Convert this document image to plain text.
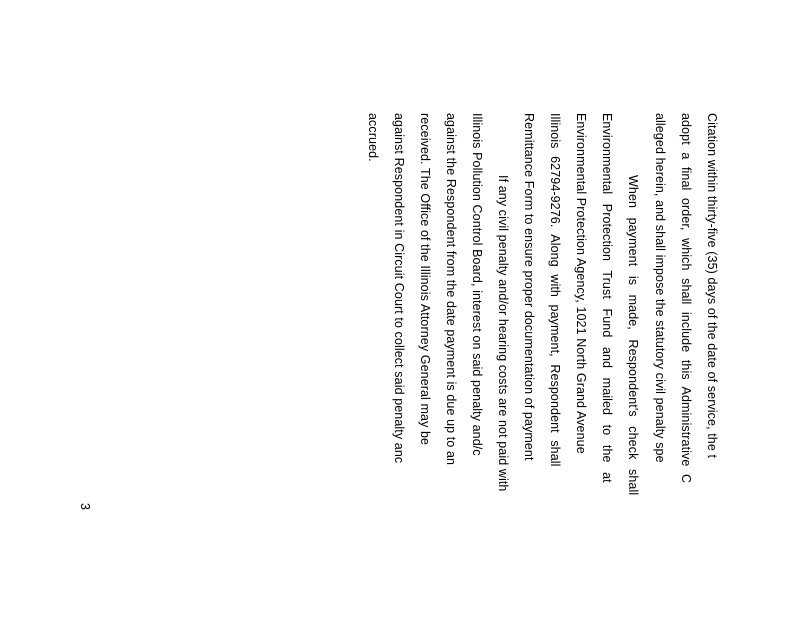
Citation within thirty-five (35) days of the date of service, the t
adopt a final order, which shall include this Administrative C
alleged herein, and shall impose the statutory civil penalty spe
When payment is made, Respondent's check shall
Environmental Protection Trust Fund and mailed to the at
Environmental Protection Agency, 1021 North Grand Avenue
Illinois 62794-9276. Along with payment, Respondent shall
Remittance Form to ensure proper documentation of payment
If any civil penalty and/or hearing costs are not paid with
Illinois Pollution Control Board, interest on said penalty and/c
against the Respondent from the date payment is due up to an
received. The Office of the Illinois Attorney General may be
against Respondent in Circuit Court to collect said penalty anc
accrued.
3
